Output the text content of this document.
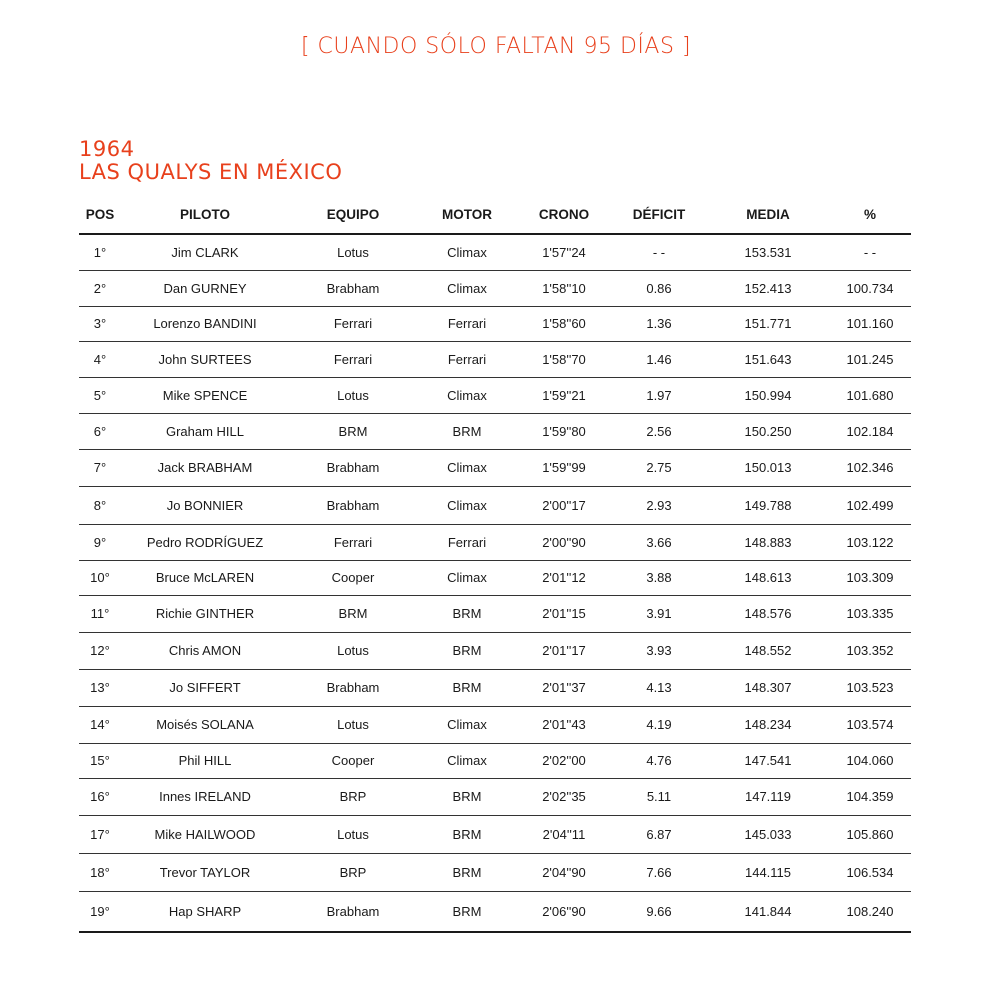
[ CUANDO SÓLO FALTAN 95 DÍAS ]
1964
LAS QUALYS EN MÉXICO
POS	PILOTO	EQUIPO	MOTOR	CRONO	DÉFICIT	MEDIA	%
1°	Jim CLARK	Lotus	Climax	1'57''24	- -	153.531	- -
2°	Dan GURNEY	Brabham	Climax	1'58''10	0.86	152.413	100.734
3°	Lorenzo BANDINI	Ferrari	Ferrari	1'58''60	1.36	151.771	101.160
4°	John SURTEES	Ferrari	Ferrari	1'58''70	1.46	151.643	101.245
5°	Mike SPENCE	Lotus	Climax	1'59''21	1.97	150.994	101.680
6°	Graham HILL	BRM	BRM	1'59''80	2.56	150.250	102.184
7°	Jack BRABHAM	Brabham	Climax	1'59''99	2.75	150.013	102.346
8°	Jo BONNIER	Brabham	Climax	2'00''17	2.93	149.788	102.499
9°	Pedro RODRÍGUEZ	Ferrari	Ferrari	2'00''90	3.66	148.883	103.122
10°	Bruce McLAREN	Cooper	Climax	2'01''12	3.88	148.613	103.309
11°	Richie GINTHER	BRM	BRM	2'01''15	3.91	148.576	103.335
12°	Chris AMON	Lotus	BRM	2'01''17	3.93	148.552	103.352
13°	Jo SIFFERT	Brabham	BRM	2'01''37	4.13	148.307	103.523
14°	Moisés SOLANA	Lotus	Climax	2'01''43	4.19	148.234	103.574
15°	Phil HILL	Cooper	Climax	2'02''00	4.76	147.541	104.060
16°	Innes IRELAND	BRP	BRM	2'02''35	5.11	147.119	104.359
17°	Mike HAILWOOD	Lotus	BRM	2'04''11	6.87	145.033	105.860
18°	Trevor TAYLOR	BRP	BRM	2'04''90	7.66	144.115	106.534
19°	Hap SHARP	Brabham	BRM	2'06''90	9.66	141.844	108.240
